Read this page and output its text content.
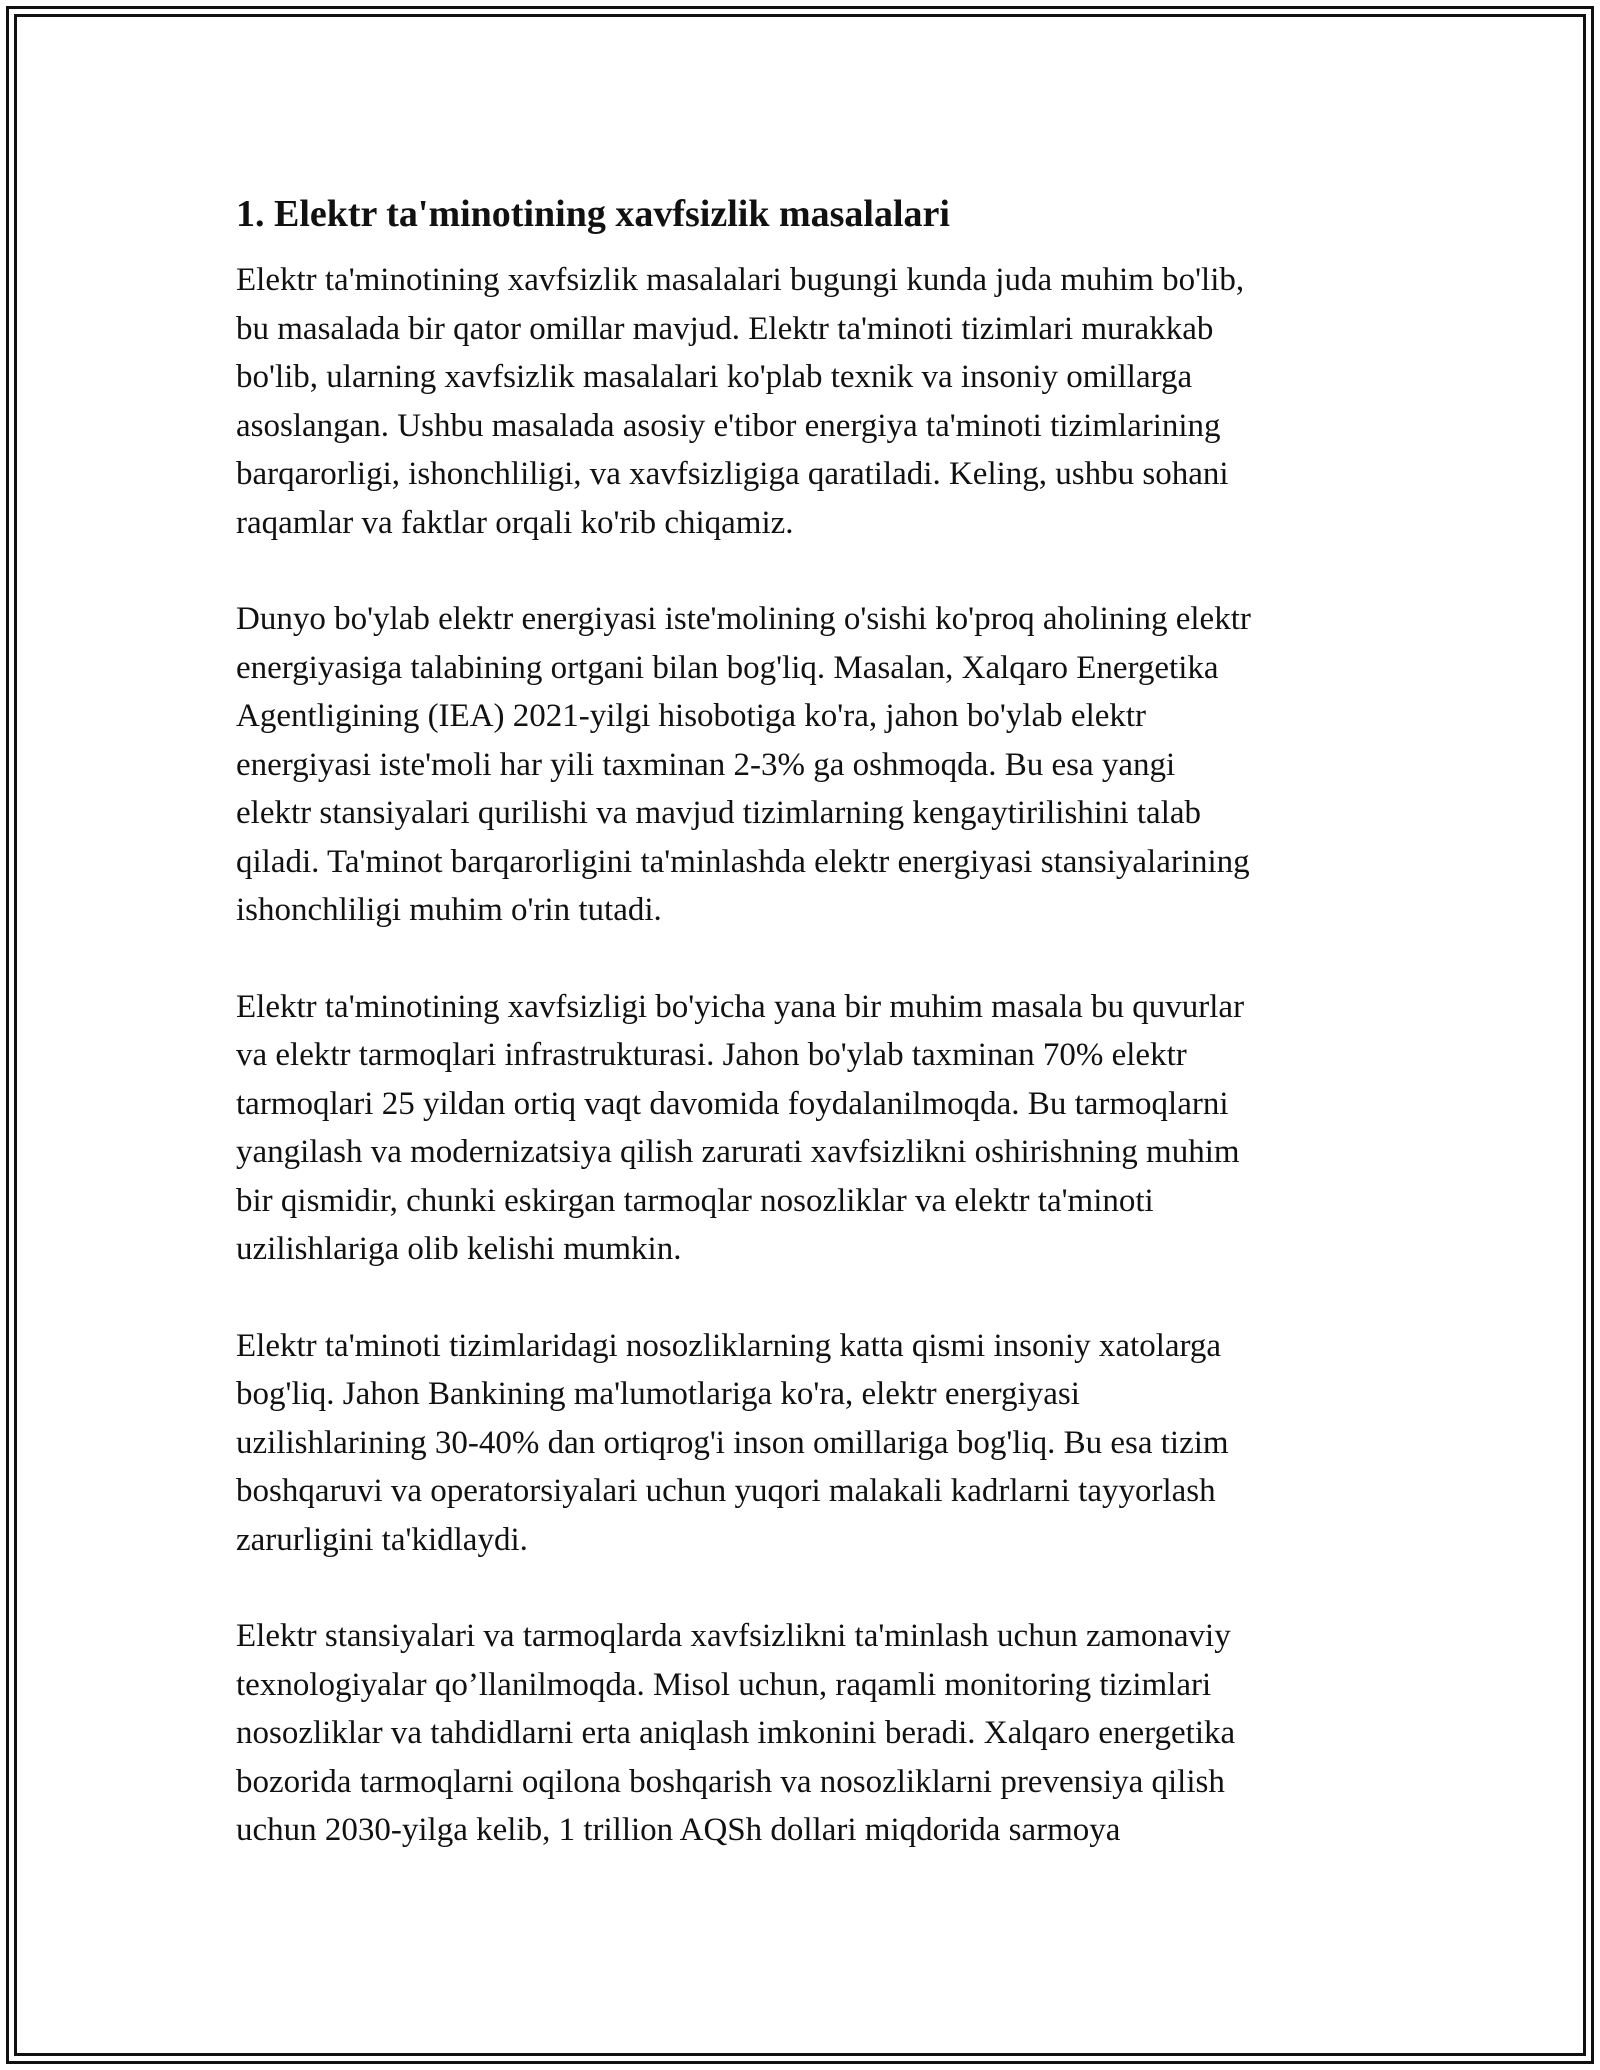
1. Elektr ta'minotining xavfsizlik masalalari

Elektr ta'minotining xavfsizlik masalalari bugungi kunda juda muhim bo'lib,
bu masalada bir qator omillar mavjud. Elektr ta'minoti tizimlari murakkab
bo'lib, ularning xavfsizlik masalalari ko'plab texnik va insoniy omillarga
asoslangan. Ushbu masalada asosiy e'tibor energiya ta'minoti tizimlarining
barqarorligi, ishonchliligi, va xavfsizligiga qaratiladi. Keling, ushbu sohani
raqamlar va faktlar orqali ko'rib chiqamiz.

Dunyo bo'ylab elektr energiyasi iste'molining o'sishi ko'proq aholining elektr
energiyasiga talabining ortgani bilan bog'liq. Masalan, Xalqaro Energetika
Agentligining (IEA) 2021-yilgi hisobotiga ko'ra, jahon bo'ylab elektr
energiyasi iste'moli har yili taxminan 2-3% ga oshmoqda. Bu esa yangi
elektr stansiyalari qurilishi va mavjud tizimlarning kengaytirilishini talab
qiladi. Ta'minot barqarorligini ta'minlashda elektr energiyasi stansiyalarining
ishonchliligi muhim o'rin tutadi.

Elektr ta'minotining xavfsizligi bo'yicha yana bir muhim masala bu quvurlar
va elektr tarmoqlari infrastrukturasi. Jahon bo'ylab taxminan 70% elektr
tarmoqlari 25 yildan ortiq vaqt davomida foydalanilmoqda. Bu tarmoqlarni
yangilash va modernizatsiya qilish zarurati xavfsizlikni oshirishning muhim
bir qismidir, chunki eskirgan tarmoqlar nosozliklar va elektr ta'minoti
uzilishlariga olib kelishi mumkin.

Elektr ta'minoti tizimlaridagi nosozliklarning katta qismi insoniy xatolarga
bog'liq. Jahon Bankining ma'lumotlariga ko'ra, elektr energiyasi
uzilishlarining 30-40% dan ortiqrog'i inson omillariga bog'liq. Bu esa tizim
boshqaruvi va operatorsiyalari uchun yuqori malakali kadrlarni tayyorlash
zarurligini ta'kidlaydi.

Elektr stansiyalari va tarmoqlarda xavfsizlikni ta'minlash uchun zamonaviy
texnologiyalar qo’llanilmoqda. Misol uchun, raqamli monitoring tizimlari
nosozliklar va tahdidlarni erta aniqlash imkonini beradi. Xalqaro energetika
bozorida tarmoqlarni oqilona boshqarish va nosozliklarni prevensiya qilish
uchun 2030-yilga kelib, 1 trillion AQSh dollari miqdorida sarmoya
